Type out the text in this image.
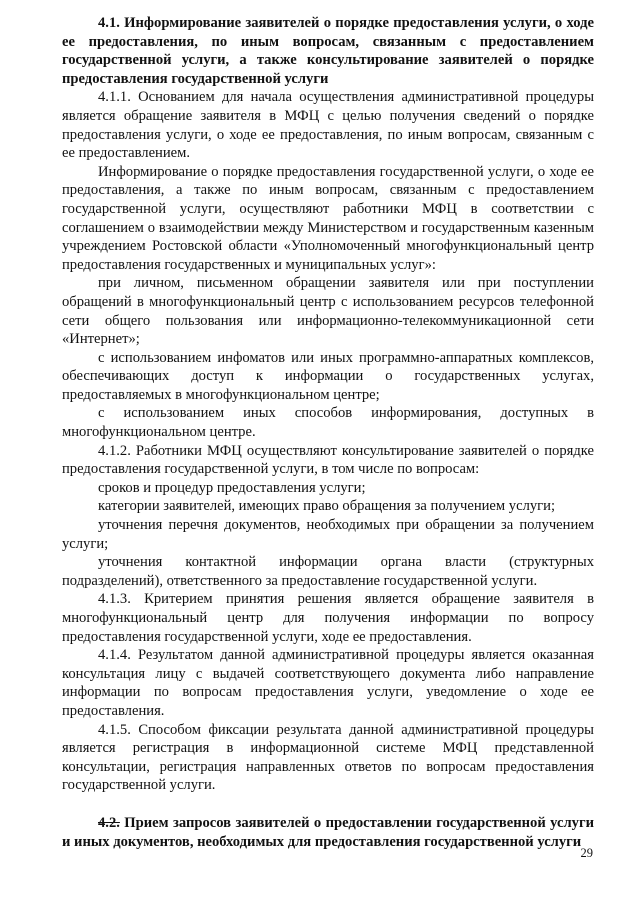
4.1. Информирование заявителей о порядке предоставления услуги, о ходе ее предоставления, по иным вопросам, связанным с предоставлением государственной услуги, а также консультирование заявителей о порядке предоставления государственной услуги

4.1.1. Основанием для начала осуществления административной процедуры является обращение заявителя в МФЦ с целью получения сведений о порядке предоставления услуги, о ходе ее предоставления, по иным вопросам, связанным с ее предоставлением.

Информирование о порядке предоставления государственной услуги, о ходе ее предоставления, а также по иным вопросам, связанным с предоставлением государственной услуги, осуществляют работники МФЦ в соответствии с соглашением о взаимодействии между Министерством и государственным казенным учреждением Ростовской области «Уполномоченный многофункциональный центр предоставления государственных и муниципальных услуг»:

при личном, письменном обращении заявителя или при поступлении обращений в многофункциональный центр с использованием ресурсов телефонной сети общего пользования или информационно-телекоммуникационной сети «Интернет»;

с использованием инфоматов или иных программно-аппаратных комплексов, обеспечивающих доступ к информации о государственных услугах, предоставляемых в многофункциональном центре;

с использованием иных способов информирования, доступных в многофункциональном центре.

4.1.2. Работники МФЦ осуществляют консультирование заявителей о порядке предоставления государственной услуги, в том числе по вопросам:

сроков и процедур предоставления услуги;

категории заявителей, имеющих право обращения за получением услуги;

уточнения перечня документов, необходимых при обращении за получением услуги;

уточнения контактной информации органа власти (структурных подразделений), ответственного за предоставление государственной услуги.

4.1.3. Критерием принятия решения является обращение заявителя в многофункциональный центр для получения информации по вопросу предоставления государственной услуги, ходе ее предоставления.

4.1.4. Результатом данной административной процедуры является оказанная консультация лицу с выдачей соответствующего документа либо направление информации по вопросам предоставления услуги, уведомление о ходе ее предоставления.

4.1.5. Способом фиксации результата данной административной процедуры является регистрация в информационной системе МФЦ представленной консультации, регистрация направленных ответов по вопросам предоставления государственной услуги.

4.2. Прием запросов заявителей о предоставлении государственной услуги и иных документов, необходимых для предоставления государственной услуги

29
